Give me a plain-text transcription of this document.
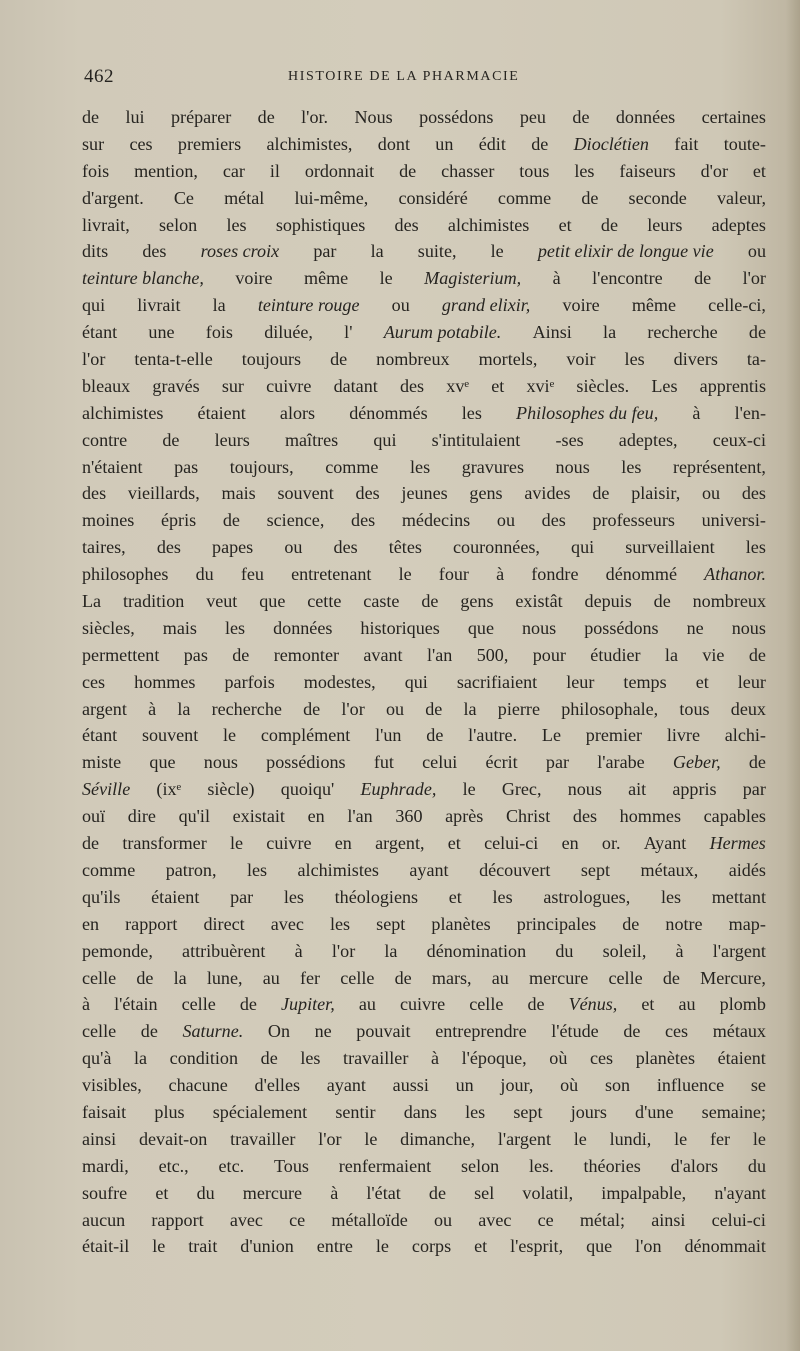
462	HISTOIRE DE LA PHARMACIE
de lui préparer de l'or. Nous possédons peu de données certaines
sur ces premiers alchimistes, dont un édit de Dioclétien fait toute-
fois mention, car il ordonnait de chasser tous les faiseurs d'or et
d'argent. Ce métal lui-même, considéré comme de seconde valeur,
livrait, selon les sophistiques des alchimistes et de leurs adeptes
dits des roses croix par la suite, le petit elixir de longue vie ou
teinture blanche, voire même le Magisterium, à l'encontre de l'or
qui livrait la teinture rouge ou grand elixir, voire même celle-ci,
étant une fois diluée, l' Aurum potabile. Ainsi la recherche de
l'or tenta-t-elle toujours de nombreux mortels, voir les divers ta-
bleaux gravés sur cuivre datant des xvᵉ et xviᵉ siècles. Les apprentis
alchimistes étaient alors dénommés les Philosophes du feu, à l'en-
contre de leurs maîtres qui s'intitulaient -ses adeptes, ceux-ci
n'étaient pas toujours, comme les gravures nous les représentent,
des vieillards, mais souvent des jeunes gens avides de plaisir, ou des
moines épris de science, des médecins ou des professeurs universi-
taires, des papes ou des têtes couronnées, qui surveillaient les
philosophes du feu entretenant le four à fondre dénommé Athanor.
La tradition veut que cette caste de gens existât depuis de nombreux
siècles, mais les données historiques que nous possédons ne nous
permettent pas de remonter avant l'an 500, pour étudier la vie de
ces hommes parfois modestes, qui sacrifiaient leur temps et leur
argent à la recherche de l'or ou de la pierre philosophale, tous deux
étant souvent le complément l'un de l'autre. Le premier livre alchi-
miste que nous possédions fut celui écrit par l'arabe Geber, de
Séville (ixᵉ siècle) quoiqu' Euphrade, le Grec, nous ait appris par
ouï dire qu'il existait en l'an 360 après Christ des hommes capables
de transformer le cuivre en argent, et celui-ci en or. Ayant Hermes
comme patron, les alchimistes ayant découvert sept métaux, aidés
qu'ils étaient par les théologiens et les astrologues, les mettant
en rapport direct avec les sept planètes principales de notre map-
pemonde, attribuèrent à l'or la dénomination du soleil, à l'argent
celle de la lune, au fer celle de mars, au mercure celle de Mercure,
à l'étain celle de Jupiter, au cuivre celle de Vénus, et au plomb
celle de Saturne. On ne pouvait entreprendre l'étude de ces métaux
qu'à la condition de les travailler à l'époque, où ces planètes étaient
visibles, chacune d'elles ayant aussi un jour, où son influence se
faisait plus spécialement sentir dans les sept jours d'une semaine;
ainsi devait-on travailler l'or le dimanche, l'argent le lundi, le fer le
mardi, etc., etc. Tous renfermaient selon les. théories d'alors du
soufre et du mercure à l'état de sel volatil, impalpable, n'ayant
aucun rapport avec ce métalloïde ou avec ce métal; ainsi celui-ci
était-il le trait d'union entre le corps et l'esprit, que l'on dénommait
